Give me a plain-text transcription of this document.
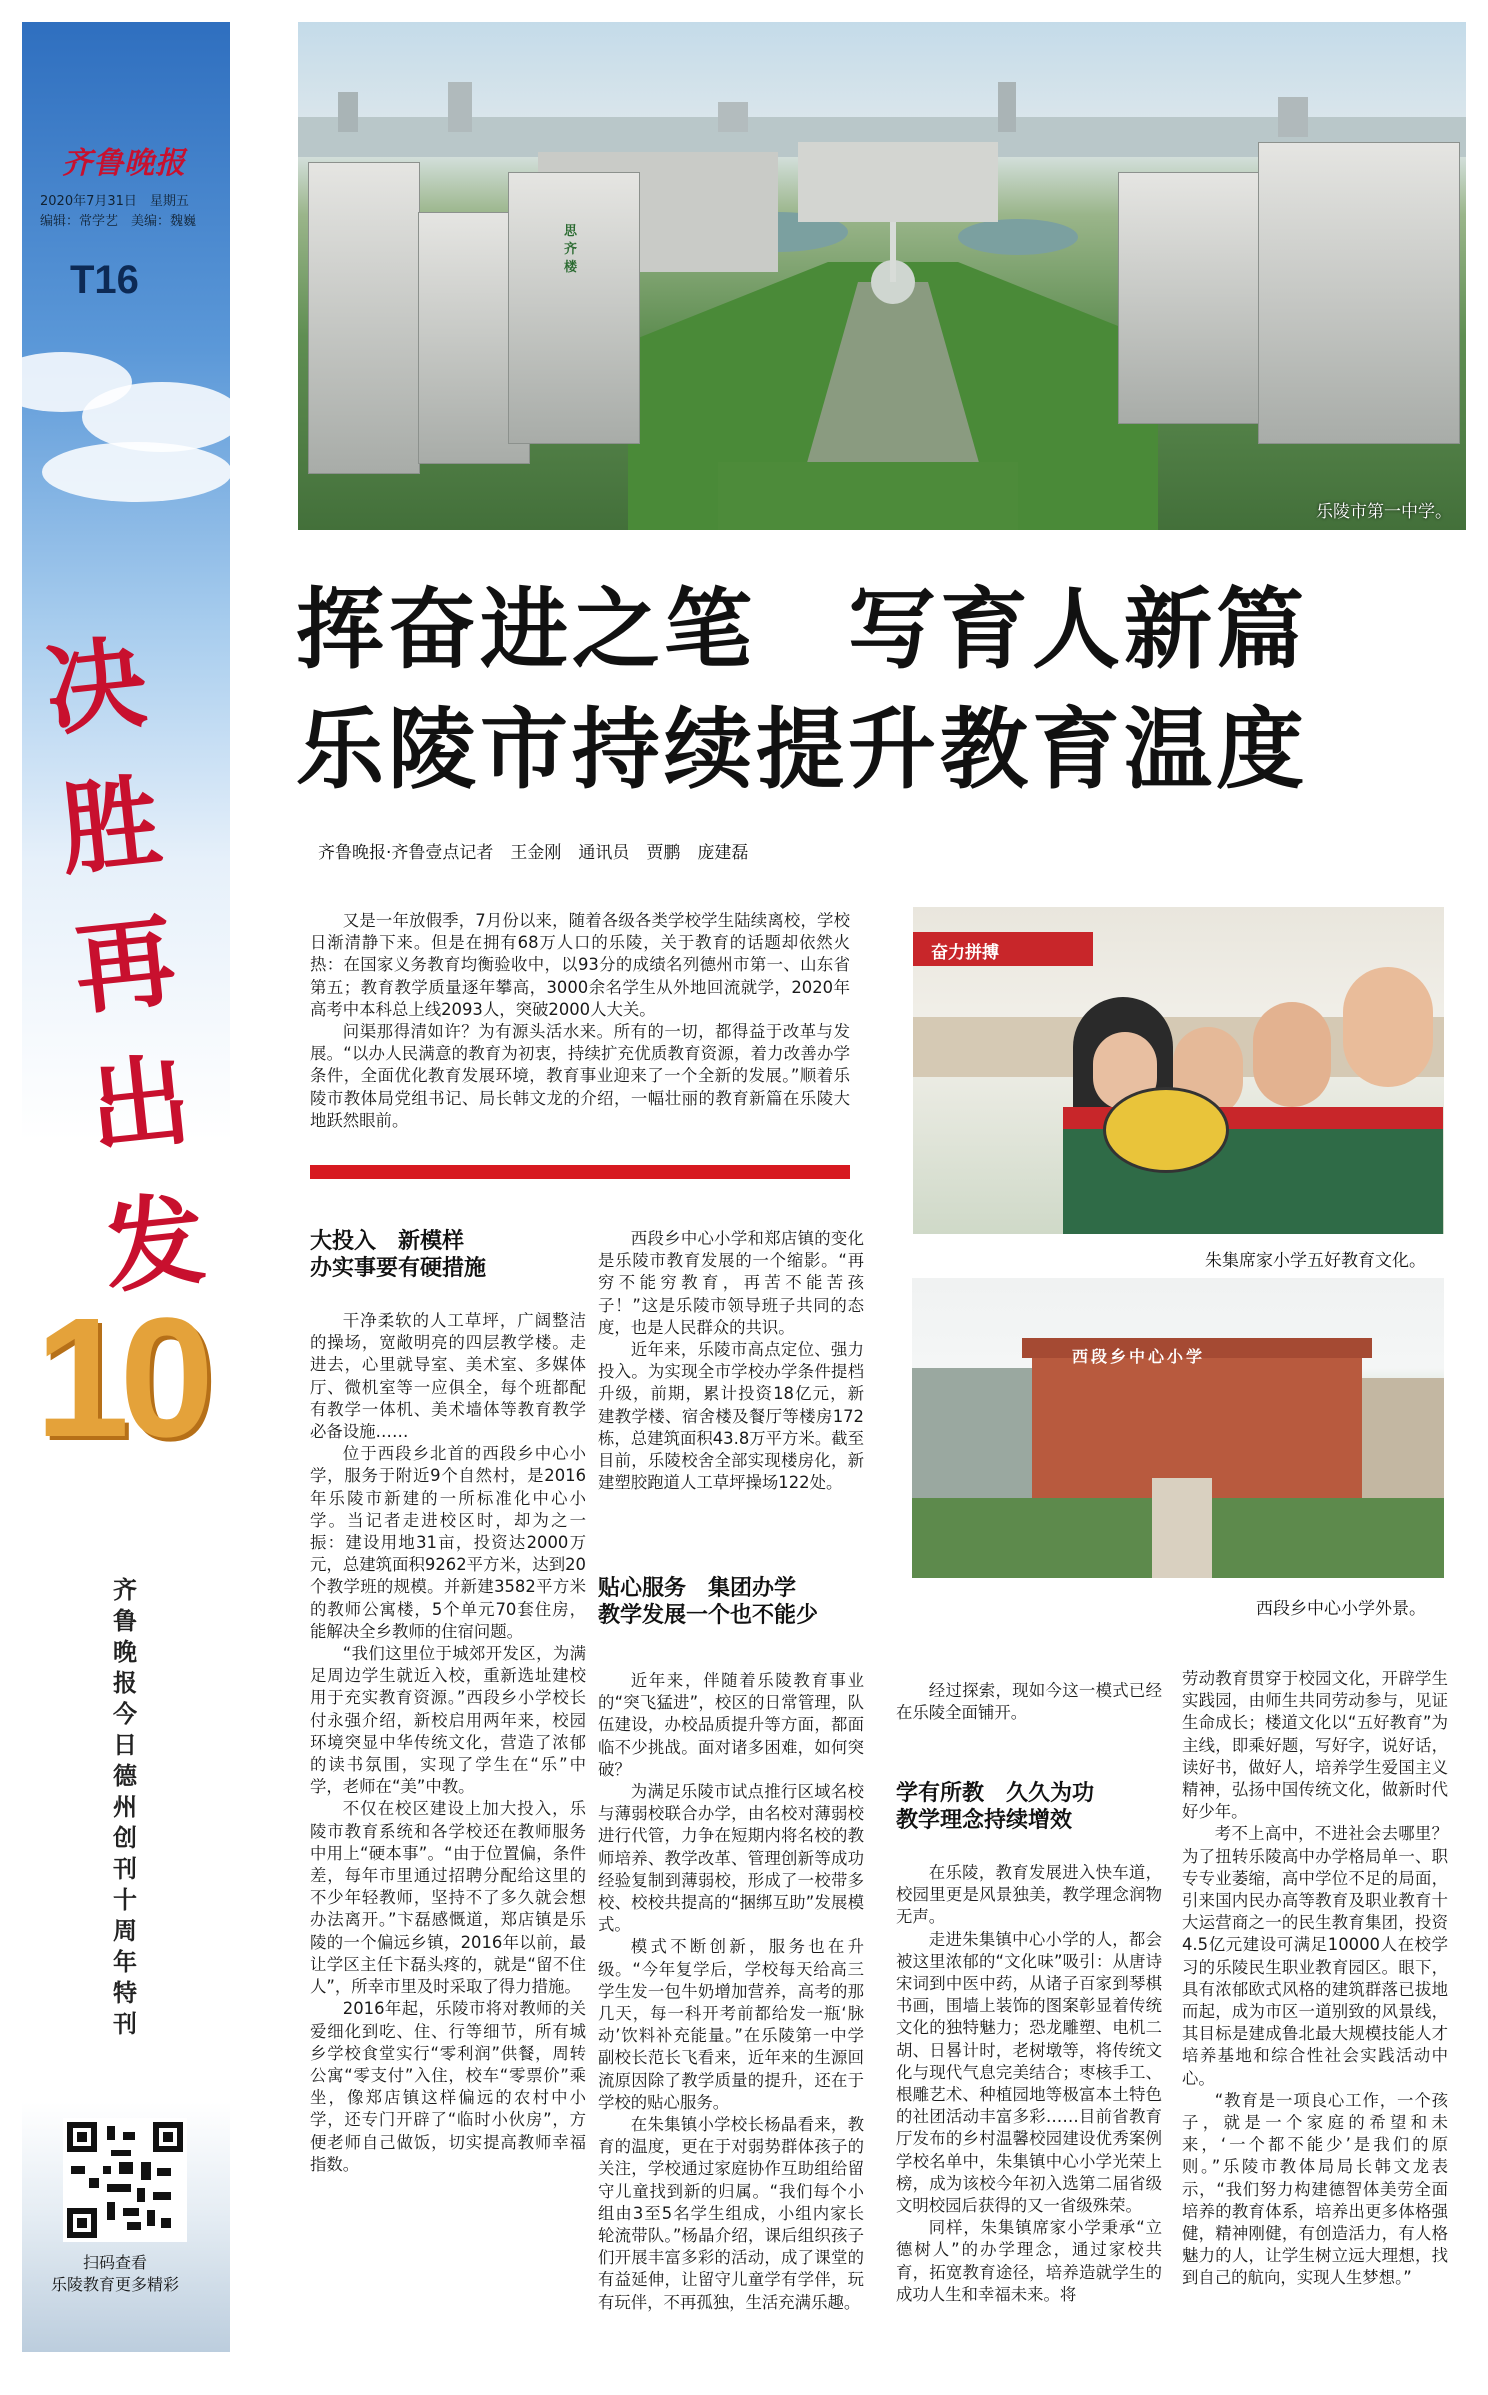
齐鲁晚报
2020年7月31日　 星期五
编辑：常学艺　 美编：魏巍
T16
决胜再出发
10
齐鲁晚报今日德州创刊十周年特刊
扫码查看
乐陵教育更多精彩
思齐楼
乐陵市第一中学。
挥奋进之笔　写育人新篇
乐陵市持续提升教育温度
齐鲁晚报·齐鲁壹点记者　王金刚　通讯员　贾鹏　庞建磊

又是一年放假季，7月份以来，随着各级各类学校学生陆续离校，学校日渐清静下来。但是在拥有68万人口的乐陵，关于教育的话题却依然火热：在国家义务教育均衡验收中，以93分的成绩名列德州市第一、山东省第五；教育教学质量逐年攀高，3000余名学生从外地回流就学，2020年高考中本科总上线2093人，突破2000人大关。

问渠那得清如许？为有源头活水来。所有的一切，都得益于改革与发展。“以办人民满意的教育为初衷，持续扩充优质教育资源，着力改善办学条件，全面优化教育发展环境，教育事业迎来了一个全新的发展。”顺着乐陵市教体局党组书记、局长韩文龙的介绍，一幅壮丽的教育新篇在乐陵大地跃然眼前。

奋力拼搏
朱集席家小学五好教育文化。
西段乡中心小学
西段乡中心小学外景。
大投入　新模样
办实事要有硬措施

干净柔软的人工草坪，广阔整洁的操场，宽敞明亮的四层教学楼。走进去，心里就导室、美术室、多媒体厅、微机室等一应俱全，每个班都配有教学一体机、美术墙体等教育教学必备设施……

位于西段乡北首的西段乡中心小学，服务于附近9个自然村，是2016年乐陵市新建的一所标准化中心小学。当记者走进校区时，却为之一振：建设用地31亩，投资达2000万元，总建筑面积9262平方米，达到20个教学班的规模。并新建3582平方米的教师公寓楼，5个单元70套住房，能解决全乡教师的住宿问题。

“我们这里位于城郊开发区，为满足周边学生就近入校，重新选址建校用于充实教育资源。”西段乡小学校长付永强介绍，新校启用两年来，校园环境突显中华传统文化，营造了浓郁的读书氛围，实现了学生在“乐”中学，老师在“美”中教。

不仅在校区建设上加大投入，乐陵市教育系统和各学校还在教师服务中用上“硬本事”。“由于位置偏，条件差，每年市里通过招聘分配给这里的不少年轻教师，坚持不了多久就会想办法离开。”卞磊感慨道，郑店镇是乐陵的一个偏远乡镇，2016年以前，最让学区主任卞磊头疼的，就是“留不住人”，所幸市里及时采取了得力措施。

2016年起，乐陵市将对教师的关爱细化到吃、住、行等细节，所有城乡学校食堂实行“零利润”供餐，周转公寓“零支付”入住，校车“零票价”乘坐，像郑店镇这样偏远的农村中小学，还专门开辟了“临时小伙房”，方便老师自己做饭，切实提高教师幸福指数。

西段乡中心小学和郑店镇的变化是乐陵市教育发展的一个缩影。“再穷不能穷教育，再苦不能苦孩子！”这是乐陵市领导班子共同的态度，也是人民群众的共识。

近年来，乐陵市高点定位、强力投入。为实现全市学校办学条件提档升级，前期，累计投资18亿元，新建教学楼、宿舍楼及餐厅等楼房172栋，总建筑面积43.8万平方米。截至目前，乐陵校舍全部实现楼房化，新建塑胶跑道人工草坪操场122处。

贴心服务　集团办学
教学发展一个也不能少

近年来，伴随着乐陵教育事业的“突飞猛进”，校区的日常管理，队伍建设，办校品质提升等方面，都面临不少挑战。面对诸多困难，如何突破？

为满足乐陵市试点推行区域名校与薄弱校联合办学，由名校对薄弱校进行代管，力争在短期内将名校的教师培养、教学改革、管理创新等成功经验复制到薄弱校，形成了一校带多校、校校共提高的“捆绑互助”发展模式。

模式不断创新，服务也在升级。“今年复学后，学校每天给高三学生发一包牛奶增加营养，高考的那几天，每一科开考前都给发一瓶‘脉动’饮料补充能量。”在乐陵第一中学副校长范长飞看来，近年来的生源回流原因除了教学质量的提升，还在于学校的贴心服务。

在朱集镇小学校长杨晶看来，教育的温度，更在于对弱势群体孩子的关注，学校通过家庭协作互助组给留守儿童找到新的归属。“我们每个小组由3至5名学生组成，小组内家长轮流带队。”杨晶介绍，课后组织孩子们开展丰富多彩的活动，成了课堂的有益延伸，让留守儿童学有学伴，玩有玩伴，不再孤独，生活充满乐趣。

经过探索，现如今这一模式已经在乐陵全面铺开。

学有所教　久久为功
教学理念持续增效

在乐陵，教育发展进入快车道，校园里更是风景独美，教学理念润物无声。

走进朱集镇中心小学的人，都会被这里浓郁的“文化味”吸引：从唐诗宋词到中医中药，从诸子百家到琴棋书画，围墙上装饰的图案彰显着传统文化的独特魅力；恐龙雕塑、电机二胡、日晷计时，老树墩等，将传统文化与现代气息完美结合；枣核手工、根雕艺术、种植园地等极富本土特色的社团活动丰富多彩……目前省教育厅发布的乡村温馨校园建设优秀案例学校名单中，朱集镇中心小学光荣上榜，成为该校今年初入选第二届省级文明校园后获得的又一省级殊荣。

同样，朱集镇席家小学秉承“立德树人”的办学理念，通过家校共育，拓宽教育途径，培养造就学生的成功人生和幸福未来。将

劳动教育贯穿于校园文化，开辟学生实践园，由师生共同劳动参与，见证生命成长；楼道文化以“五好教育”为主线，即乘好题，写好字，说好话，读好书，做好人，培养学生爱国主义精神，弘扬中国传统文化，做新时代好少年。

考不上高中，不进社会去哪里？为了扭转乐陵高中办学格局单一、职专专业萎缩，高中学位不足的局面，引来国内民办高等教育及职业教育十大运营商之一的民生教育集团，投资4.5亿元建设可满足10000人在校学习的乐陵民生职业教育园区。眼下，具有浓郁欧式风格的建筑群落已拔地而起，成为市区一道别致的风景线，其目标是建成鲁北最大规模技能人才培养基地和综合性社会实践活动中心。

“教育是一项良心工作，一个孩子，就是一个家庭的希望和未来，‘一个都不能少’是我们的原则。”乐陵市教体局局长韩文龙表示，“我们努力构建德智体美劳全面培养的教育体系，培养出更多体格强健，精神刚健，有创造活力，有人格魅力的人，让学生树立远大理想，找到自己的航向，实现人生梦想。”
